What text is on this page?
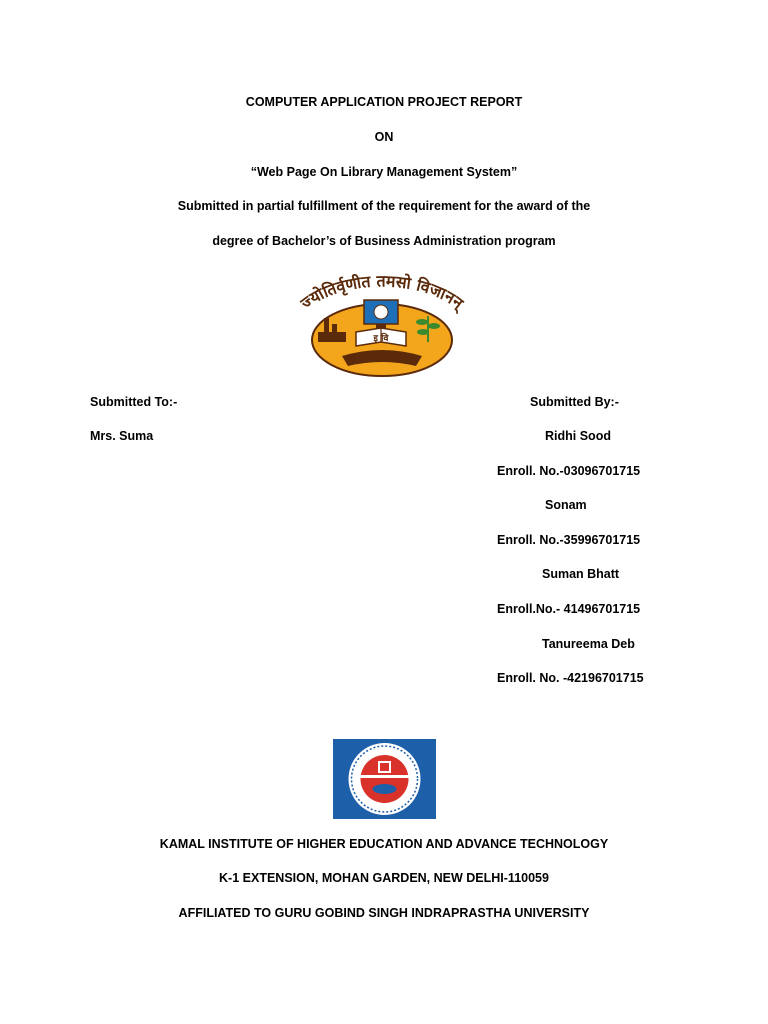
COMPUTER APPLICATION PROJECT REPORT
ON
“Web Page On Library Management System”
Submitted in partial fulfillment of the requirement for the award of the
degree of Bachelor’s of Business Administration program
ज्योतिर्वृणीत तमसो विजानन्
इ वि
Submitted To:-
Mrs. Suma
Submitted By:-
Ridhi Sood
Enroll. No.-03096701715
Sonam
Enroll. No.-35996701715
Suman Bhatt
Enroll.No.- 41496701715
Tanureema Deb
Enroll. No. -42196701715
KAMAL INSTITUTE OF HIGHER EDUCATION AND ADVANCE TECHNOLOGY
K-1 EXTENSION, MOHAN GARDEN, NEW DELHI-110059
AFFILIATED TO GURU GOBIND SINGH INDRAPRASTHA UNIVERSITY
